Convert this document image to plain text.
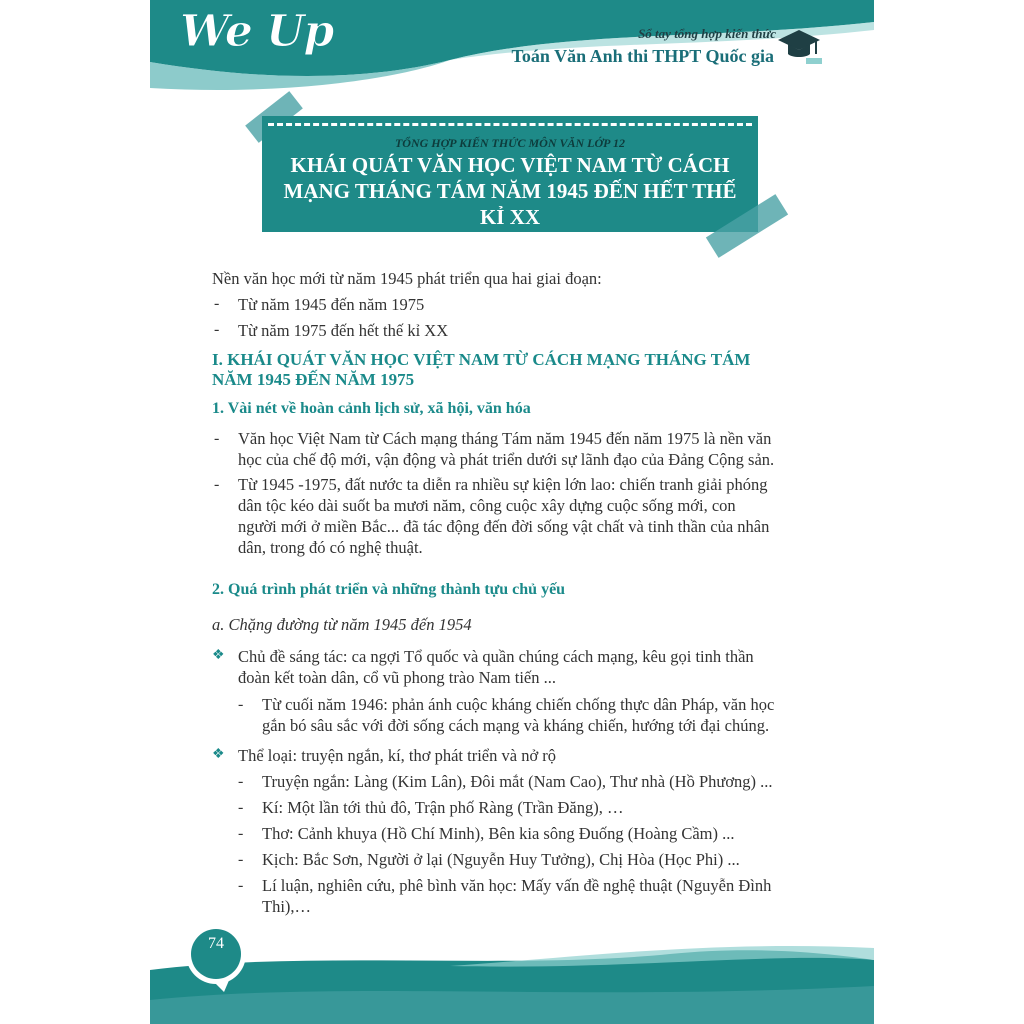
We Up	Sổ tay tổng hợp kiến thức
Toán Văn Anh thi THPT Quốc gia
TỔNG HỢP KIẾN THỨC MÔN VĂN LỚP 12
KHÁI QUÁT VĂN HỌC VIỆT NAM TỪ CÁCH
MẠNG THÁNG TÁM NĂM 1945 ĐẾN HẾT THẾ
KỈ XX
Nền văn học mới từ năm 1945 phát triển qua hai giai đoạn:
- Từ năm 1945 đến năm 1975
- Từ năm 1975 đến hết thế kỉ XX
I. KHÁI QUÁT VĂN HỌC VIỆT NAM TỪ CÁCH MẠNG THÁNG TÁM
NĂM 1945 ĐẾN NĂM 1975
1. Vài nét về hoàn cảnh lịch sử, xã hội, văn hóa
- Văn học Việt Nam từ Cách mạng tháng Tám năm 1945 đến năm 1975 là nền văn
học của chế độ mới, vận động và phát triển dưới sự lãnh đạo của Đảng Cộng sản.
- Từ 1945 -1975, đất nước ta diễn ra nhiều sự kiện lớn lao: chiến tranh giải phóng
dân tộc kéo dài suốt ba mươi năm, công cuộc xây dựng cuộc sống mới, con
người mới ở miền Bắc... đã tác động đến đời sống vật chất và tinh thần của nhân
dân, trong đó có nghệ thuật.
2. Quá trình phát triển và những thành tựu chủ yếu
a. Chặng đường từ năm 1945 đến 1954
❖ Chủ đề sáng tác: ca ngợi Tổ quốc và quần chúng cách mạng, kêu gọi tinh thần
đoàn kết toàn dân, cổ vũ phong trào Nam tiến ...
- Từ cuối năm 1946: phản ánh cuộc kháng chiến chống thực dân Pháp, văn học
gắn bó sâu sắc với đời sống cách mạng và kháng chiến, hướng tới đại chúng.
❖ Thể loại: truyện ngắn, kí, thơ phát triển và nở rộ
- Truyện ngắn: Làng (Kim Lân), Đôi mắt (Nam Cao), Thư nhà (Hồ Phương) ...
- Kí: Một lần tới thủ đô, Trận phố Ràng (Trần Đăng), …
- Thơ: Cảnh khuya (Hồ Chí Minh), Bên kia sông Đuống (Hoàng Cầm) ...
- Kịch: Bắc Sơn, Người ở lại (Nguyễn Huy Tưởng), Chị Hòa (Học Phi) ...
- Lí luận, nghiên cứu, phê bình văn học: Mấy vấn đề nghệ thuật (Nguyễn Đình
Thi),…
74
